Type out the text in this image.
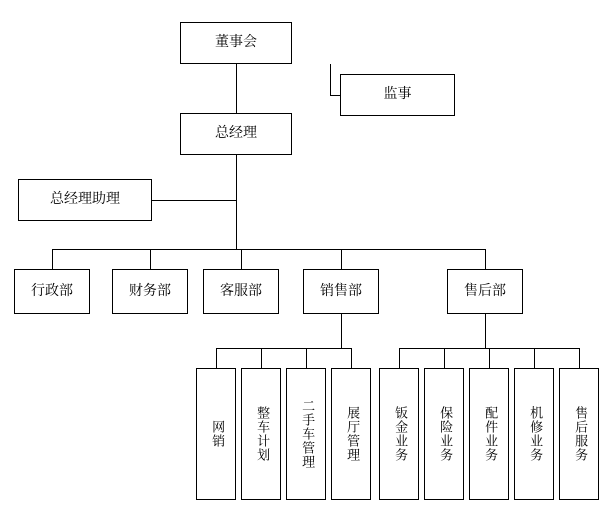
董事会
监事
总经理
总经理助理
行政部	财务部	客服部	销售部	售后部
网销	整车计划	二手车管理	展厅管理	钣金业务	保险业务	配件业务	机修业务	售后服务
